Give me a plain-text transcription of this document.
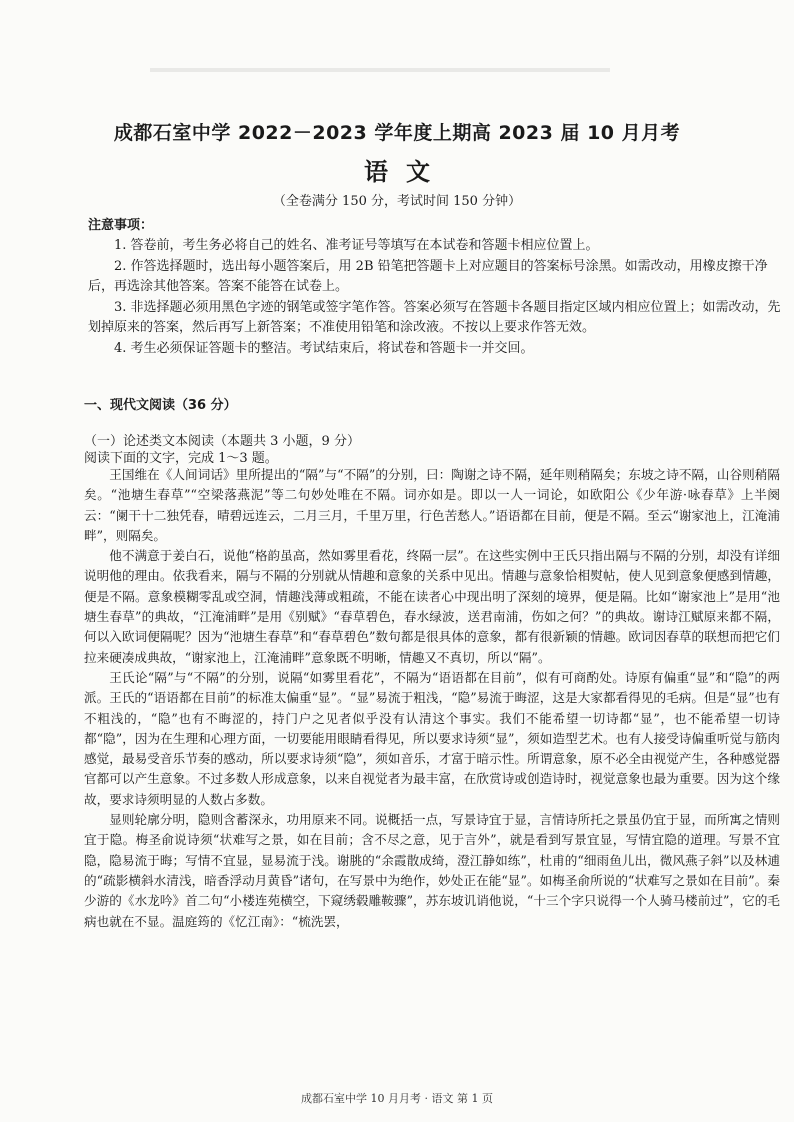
成都石室中学 2022－2023 学年度上期高 2023 届 10 月月考
语文
（全卷满分 150 分，考试时间 150 分钟）
注意事项：

1. 答卷前，考生务必将自己的姓名、准考证号等填写在本试卷和答题卡相应位置上。

2. 作答选择题时，选出每小题答案后，用 2B 铅笔把答题卡上对应题目的答案标号涂黑。如需改动，用橡皮擦干净后，再选涂其他答案。答案不能答在试卷上。

3. 非选择题必须用黑色字迹的钢笔或签字笔作答。答案必须写在答题卡各题目指定区域内相应位置上；如需改动，先划掉原来的答案，然后再写上新答案；不准使用铅笔和涂改液。不按以上要求作答无效。

4. 考生必须保证答题卡的整洁。考试结束后，将试卷和答题卡一并交回。

一、现代文阅读（36 分）
（一）论述类文本阅读（本题共 3 小题，9 分）
阅读下面的文字，完成 1～3 题。

王国维在《人间词话》里所提出的“隔”与“不隔”的分别，曰：陶谢之诗不隔，延年则稍隔矣；东坡之诗不隔，山谷则稍隔矣。“池塘生春草”“空梁落燕泥”等二句妙处唯在不隔。词亦如是。即以一人一词论，如欧阳公《少年游·咏春草》上半阕云：“阑干十二独凭春，晴碧远连云，二月三月，千里万里，行色苦愁人。”语语都在目前，便是不隔。至云“谢家池上，江淹浦畔”，则隔矣。

他不满意于姜白石，说他“格韵虽高，然如雾里看花，终隔一层”。在这些实例中王氏只指出隔与不隔的分别，却没有详细说明他的理由。依我看来，隔与不隔的分别就从情趣和意象的关系中见出。情趣与意象恰相熨帖，使人见到意象便感到情趣，便是不隔。意象模糊零乱或空洞，情趣浅薄或粗疏，不能在读者心中现出明了深刻的境界，便是隔。比如“谢家池上”是用“池塘生春草”的典故，“江淹浦畔”是用《别赋》“春草碧色，春水绿波，送君南浦，伤如之何？”的典故。谢诗江赋原来都不隔，何以入欧词便隔呢？因为“池塘生春草”和“春草碧色”数句都是很具体的意象，都有很新颖的情趣。欧词因春草的联想而把它们拉来硬凑成典故，“谢家池上，江淹浦畔”意象既不明晰，情趣又不真切，所以“隔”。

王氏论“隔”与“不隔”的分别，说隔“如雾里看花”，不隔为“语语都在目前”，似有可商酌处。诗原有偏重“显”和“隐”的两派。王氏的“语语都在目前”的标准太偏重“显”。“显”易流于粗浅，“隐”易流于晦涩，这是大家都看得见的毛病。但是“显”也有不粗浅的，“隐”也有不晦涩的，持门户之见者似乎没有认清这个事实。我们不能希望一切诗都“显”，也不能希望一切诗都“隐”，因为在生理和心理方面，一切要能用眼睛看得见，所以要求诗须“显”，须如造型艺术。也有人接受诗偏重听觉与筋肉感觉，最易受音乐节奏的感动，所以要求诗须“隐”，须如音乐，才富于暗示性。所谓意象，原不必全由视觉产生，各种感觉器官都可以产生意象。不过多数人形成意象，以来自视觉者为最丰富，在欣赏诗或创造诗时，视觉意象也最为重要。因为这个缘故，要求诗须明显的人数占多数。

显则轮廓分明，隐则含蓄深永，功用原来不同。说概括一点，写景诗宜于显，言情诗所托之景虽仍宜于显，而所寓之情则宜于隐。梅圣俞说诗须“状难写之景，如在目前；含不尽之意，见于言外”，就是看到写景宜显，写情宜隐的道理。写景不宜隐，隐易流于晦；写情不宜显，显易流于浅。谢朓的“余霞散成绮，澄江静如练”，杜甫的“细雨鱼儿出，微风燕子斜”以及林逋的“疏影横斜水清浅，暗香浮动月黄昏”诸句，在写景中为绝作，妙处正在能“显”。如梅圣俞所说的“状难写之景如在目前”。秦少游的《水龙吟》首二句“小楼连苑横空，下窥绣毂雕鞍骤”，苏东坡讥诮他说，“十三个字只说得一个人骑马楼前过”，它的毛病也就在不显。温庭筠的《忆江南》：“梳洗罢，

成都石室中学 10 月月考 · 语文 第 1 页
